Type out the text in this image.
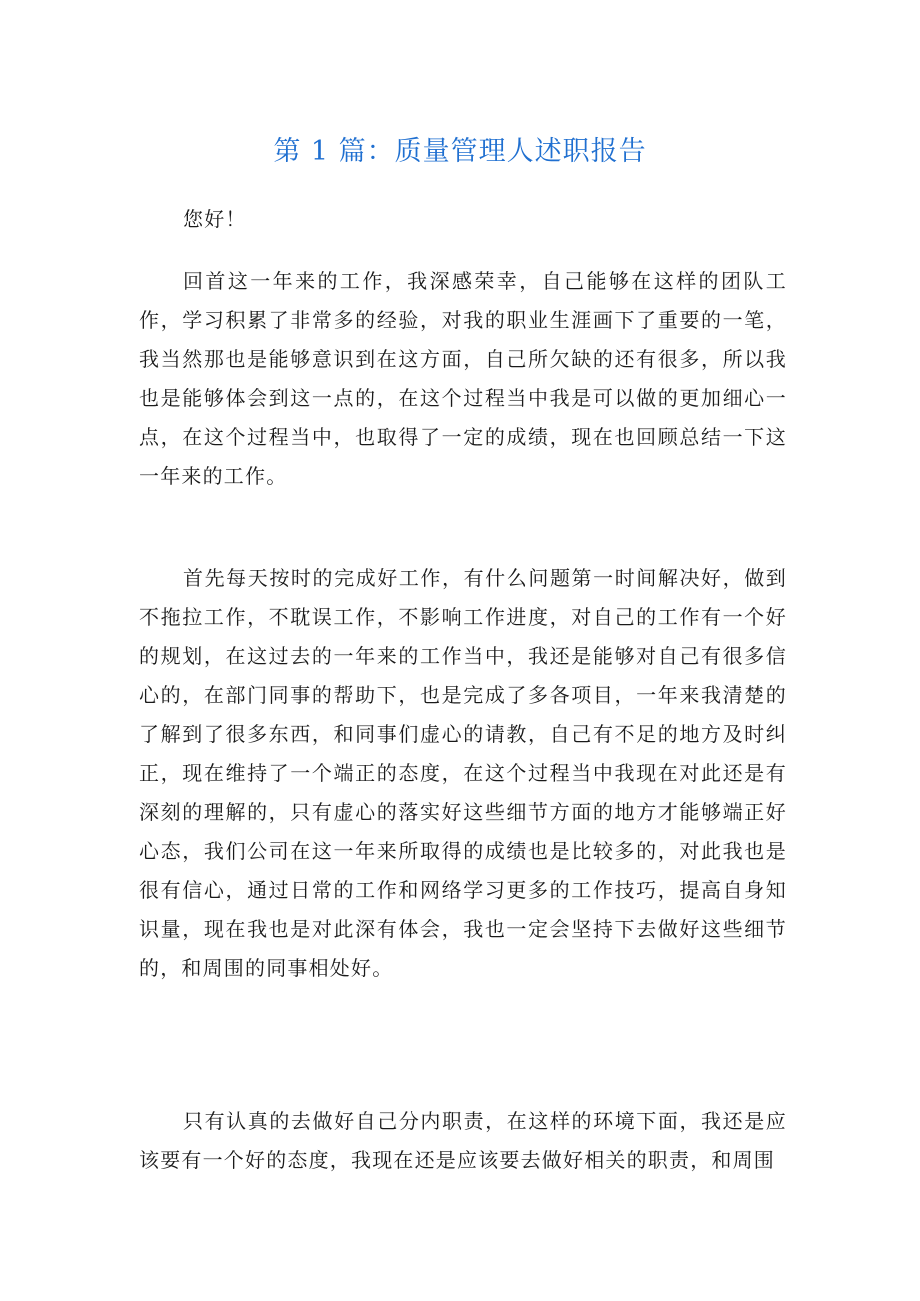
第 1 篇：质量管理人述职报告

您好！

回首这一年来的工作，我深感荣幸，自己能够在这样的团队工作，学习积累了非常多的经验，对我的职业生涯画下了重要的一笔，我当然那也是能够意识到在这方面，自己所欠缺的还有很多，所以我也是能够体会到这一点的，在这个过程当中我是可以做的更加细心一点，在这个过程当中，也取得了一定的成绩，现在也回顾总结一下这一年来的工作。

首先每天按时的完成好工作，有什么问题第一时间解决好，做到不拖拉工作，不耽误工作，不影响工作进度，对自己的工作有一个好的规划，在这过去的一年来的工作当中，我还是能够对自己有很多信心的，在部门同事的帮助下，也是完成了多各项目，一年来我清楚的了解到了很多东西，和同事们虚心的请教，自己有不足的地方及时纠正，现在维持了一个端正的态度，在这个过程当中我现在对此还是有深刻的理解的，只有虚心的落实好这些细节方面的地方才能够端正好心态，我们公司在这一年来所取得的成绩也是比较多的，对此我也是很有信心，通过日常的工作和网络学习更多的工作技巧，提高自身知识量，现在我也是对此深有体会，我也一定会坚持下去做好这些细节的，和周围的同事相处好。

只有认真的去做好自己分内职责，在这样的环境下面，我还是应该要有一个好的态度，我现在还是应该要去做好相关的职责，和周围
